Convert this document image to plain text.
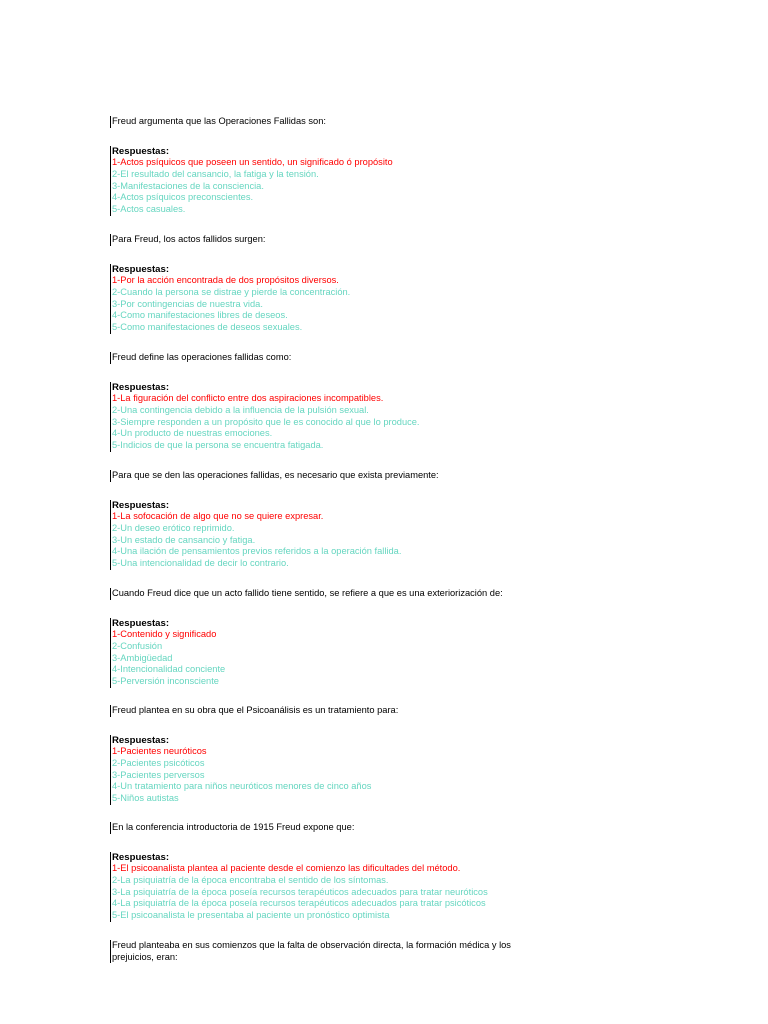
Freud argumenta que las Operaciones Fallidas son:
Respuestas:
1-Actos psíquicos que poseen un sentido, un significado ó propósito
2-El resultado del cansancio, la fatiga y la tensión.
3-Manifestaciones de la consciencia.
4-Actos psíquicos preconscientes.
5-Actos casuales.
Para Freud, los actos fallidos surgen:
Respuestas:
1-Por la acción encontrada de dos propósitos diversos.
2-Cuando la persona se distrae y pierde la concentración.
3-Por contingencias de nuestra vida.
4-Como manifestaciones libres de deseos.
5-Como manifestaciones de deseos sexuales.
Freud define las operaciones fallidas como:
Respuestas:
1-La figuración del conflicto entre dos aspiraciones incompatibles.
2-Una contingencia debido a la influencia de la pulsión sexual.
3-Siempre responden a un propósito que le es conocido al que lo produce.
4-Un producto de nuestras emociones.
5-Indicios de que la persona se encuentra fatigada.
Para que se den las operaciones fallidas, es necesario que exista previamente:
Respuestas:
1-La sofocación de algo que no se quiere expresar.
2-Un deseo erótico reprimido.
3-Un estado de cansancio y fatiga.
4-Una ilación de pensamientos previos referidos a la operación fallida.
5-Una intencionalidad de decir lo contrario.
Cuando Freud dice que un acto fallido tiene sentido, se refiere a que es una exteriorización de:
Respuestas:
1-Contenido y significado
2-Confusión
3-Ambigüedad
4-Intencionalidad conciente
5-Perversión inconsciente
Freud plantea en su obra que el Psicoanálisis es un tratamiento para:
Respuestas:
1-Pacientes neuróticos
2-Pacientes psicóticos
3-Pacientes perversos
4-Un tratamiento para niños neuróticos menores de cinco años
5-Niños autistas
En la conferencia introductoria de 1915 Freud expone que:
Respuestas:
1-El psicoanalista plantea al paciente desde el comienzo las dificultades del método.
2-La psiquiatría de la época encontraba el sentido de los síntomas.
3-La psiquiatría de la época poseía recursos terapéuticos adecuados para tratar neuróticos
4-La psiquiatría de la época poseía recursos terapéuticos adecuados para tratar psicóticos
5-El psicoanalista le presentaba al paciente un pronóstico optimista
Freud planteaba en sus comienzos que la falta de observación directa, la formación médica y los prejuicios, eran:
